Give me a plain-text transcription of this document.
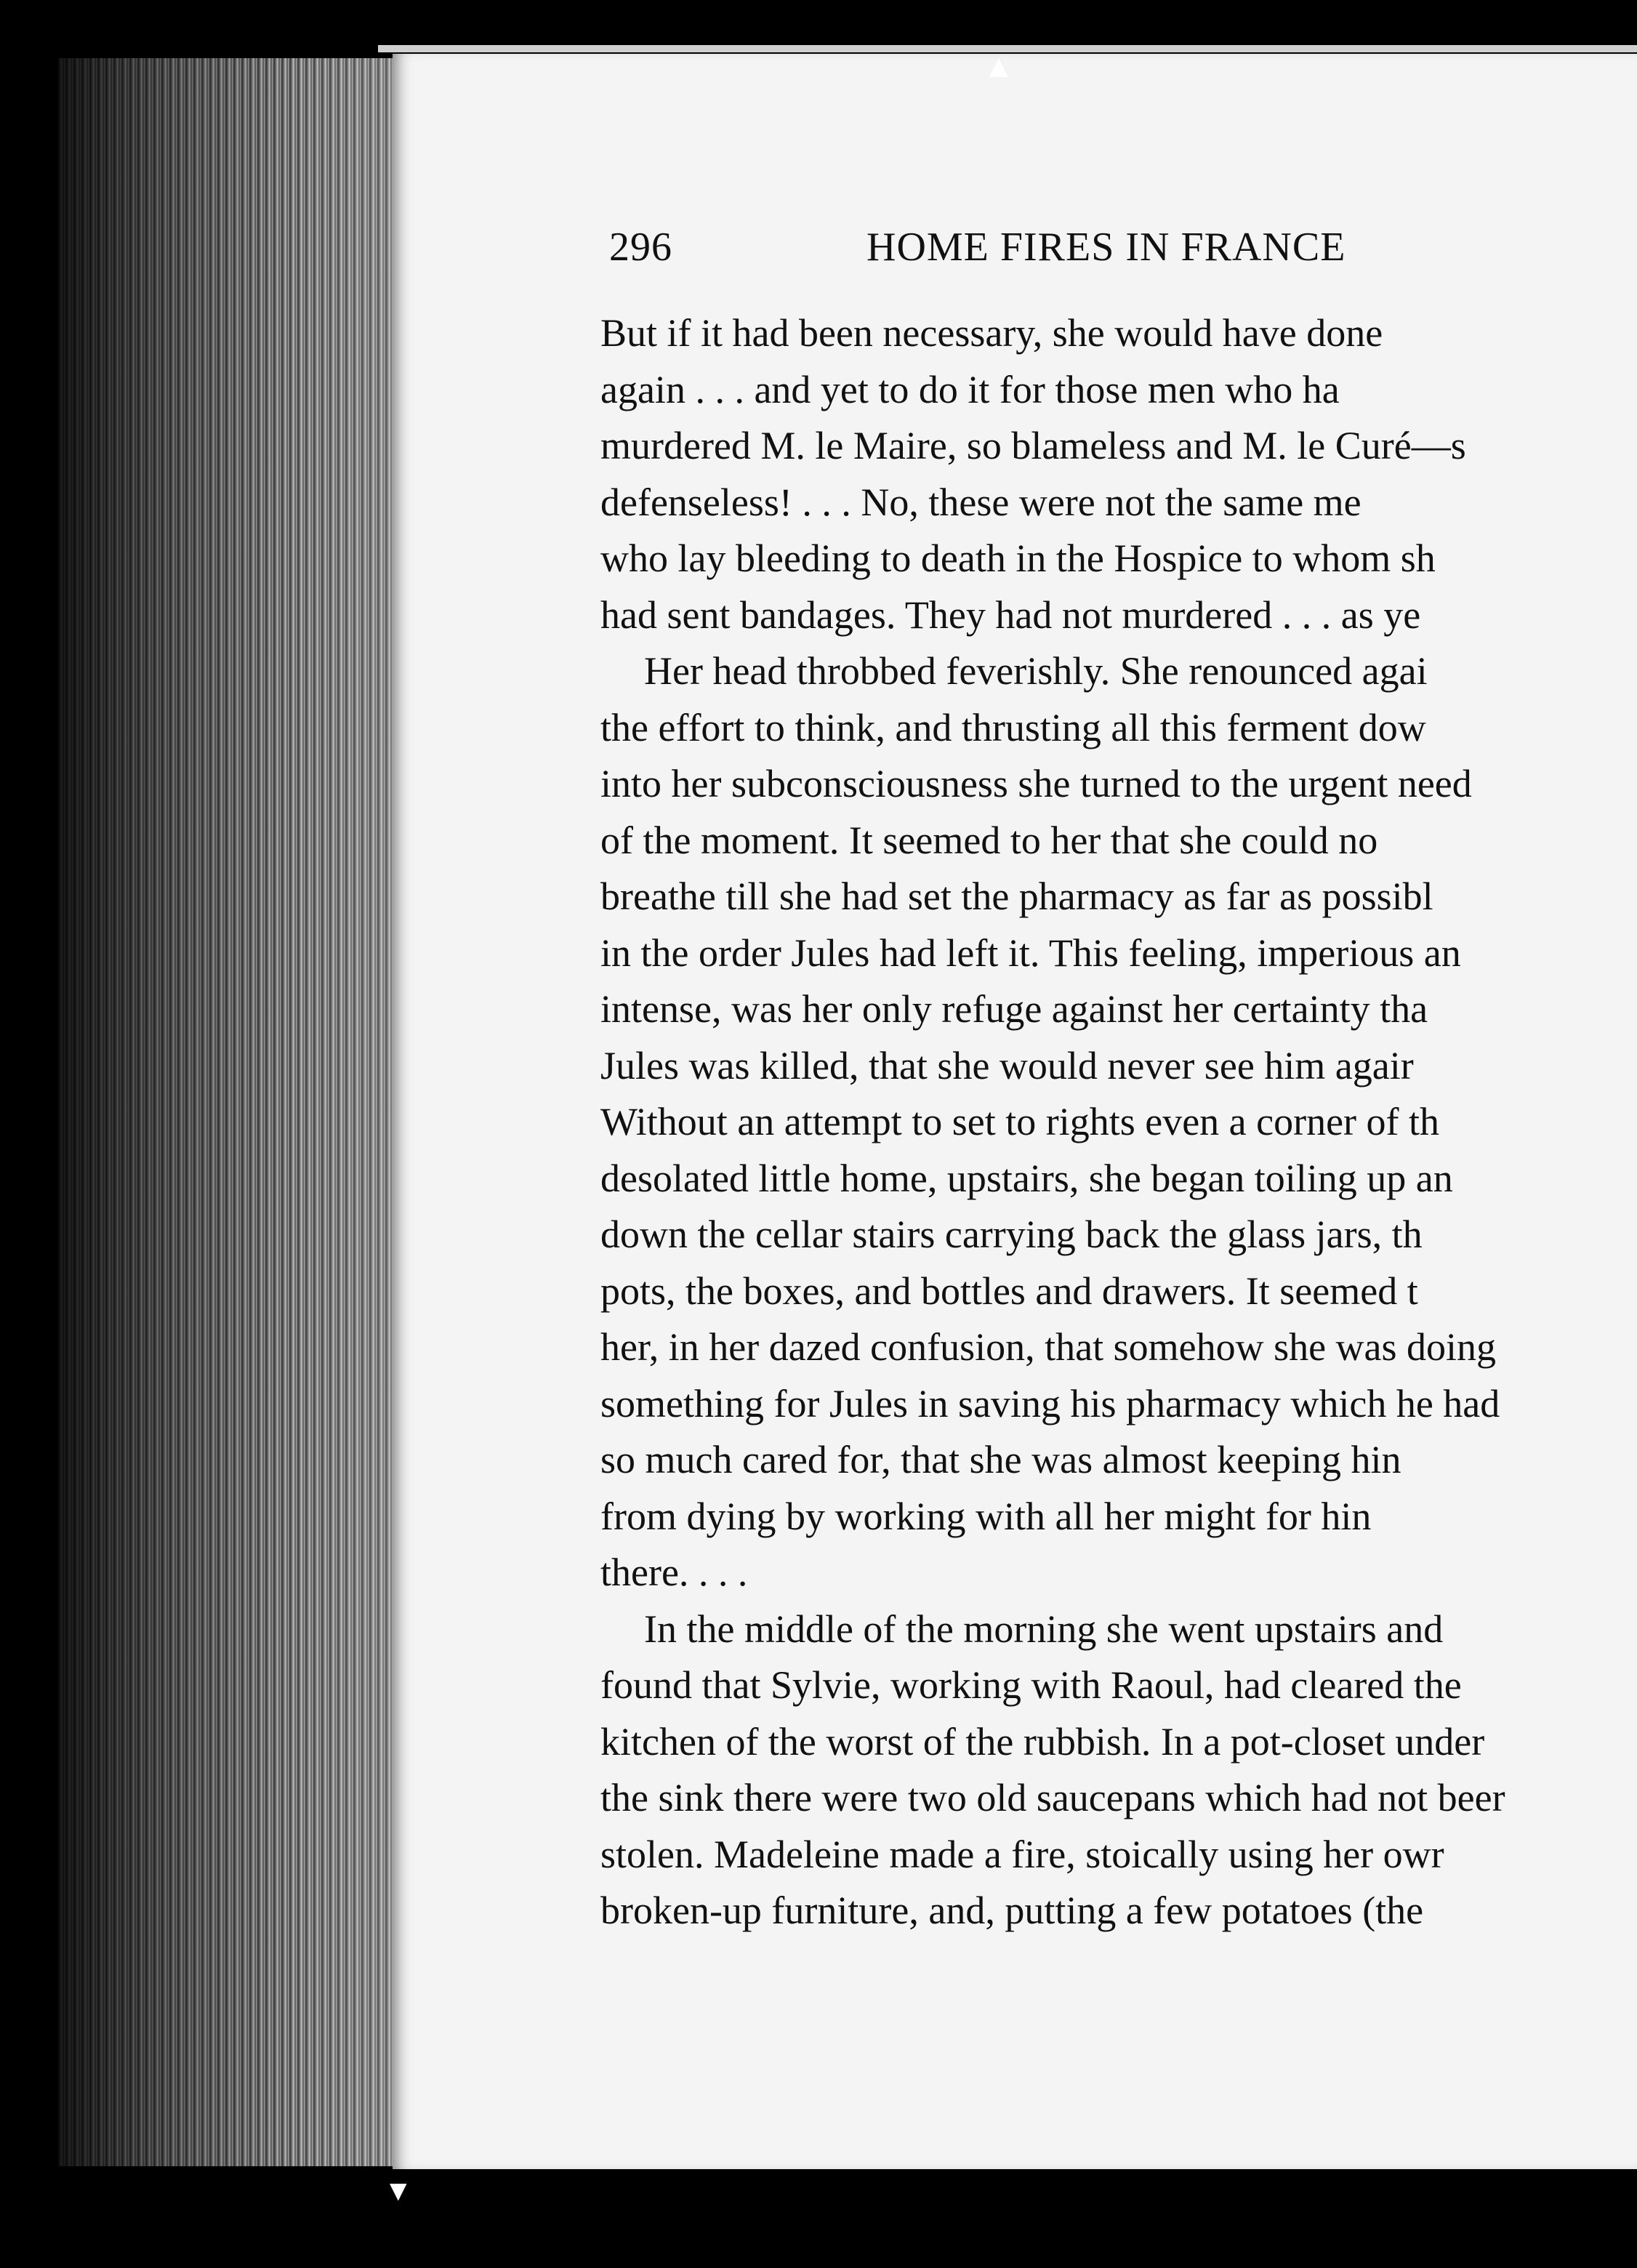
▲
▼
296	HOME FIRES IN FRANCE
But if it had been necessary, she would have done
again . . . and yet to do it for those men who ha
murdered M. le Maire, so blameless and M. le Curé—s
defenseless! . . . No, these were not the same me
who lay bleeding to death in the Hospice to whom sh
had sent bandages. They had not murdered . . . as ye
Her head throbbed feverishly. She renounced agai
the effort to think, and thrusting all this ferment dow
into her subconsciousness she turned to the urgent need
of the moment. It seemed to her that she could no
breathe till she had set the pharmacy as far as possibl
in the order Jules had left it. This feeling, imperious an
intense, was her only refuge against her certainty tha
Jules was killed, that she would never see him agair
Without an attempt to set to rights even a corner of th
desolated little home, upstairs, she began toiling up an
down the cellar stairs carrying back the glass jars, th
pots, the boxes, and bottles and drawers. It seemed t
her, in her dazed confusion, that somehow she was doing
something for Jules in saving his pharmacy which he had
so much cared for, that she was almost keeping hin
from dying by working with all her might for hin
there. . . .
In the middle of the morning she went upstairs and
found that Sylvie, working with Raoul, had cleared the
kitchen of the worst of the rubbish. In a pot-closet under
the sink there were two old saucepans which had not beer
stolen. Madeleine made a fire, stoically using her owr
broken-up furniture, and, putting a few potatoes (the
